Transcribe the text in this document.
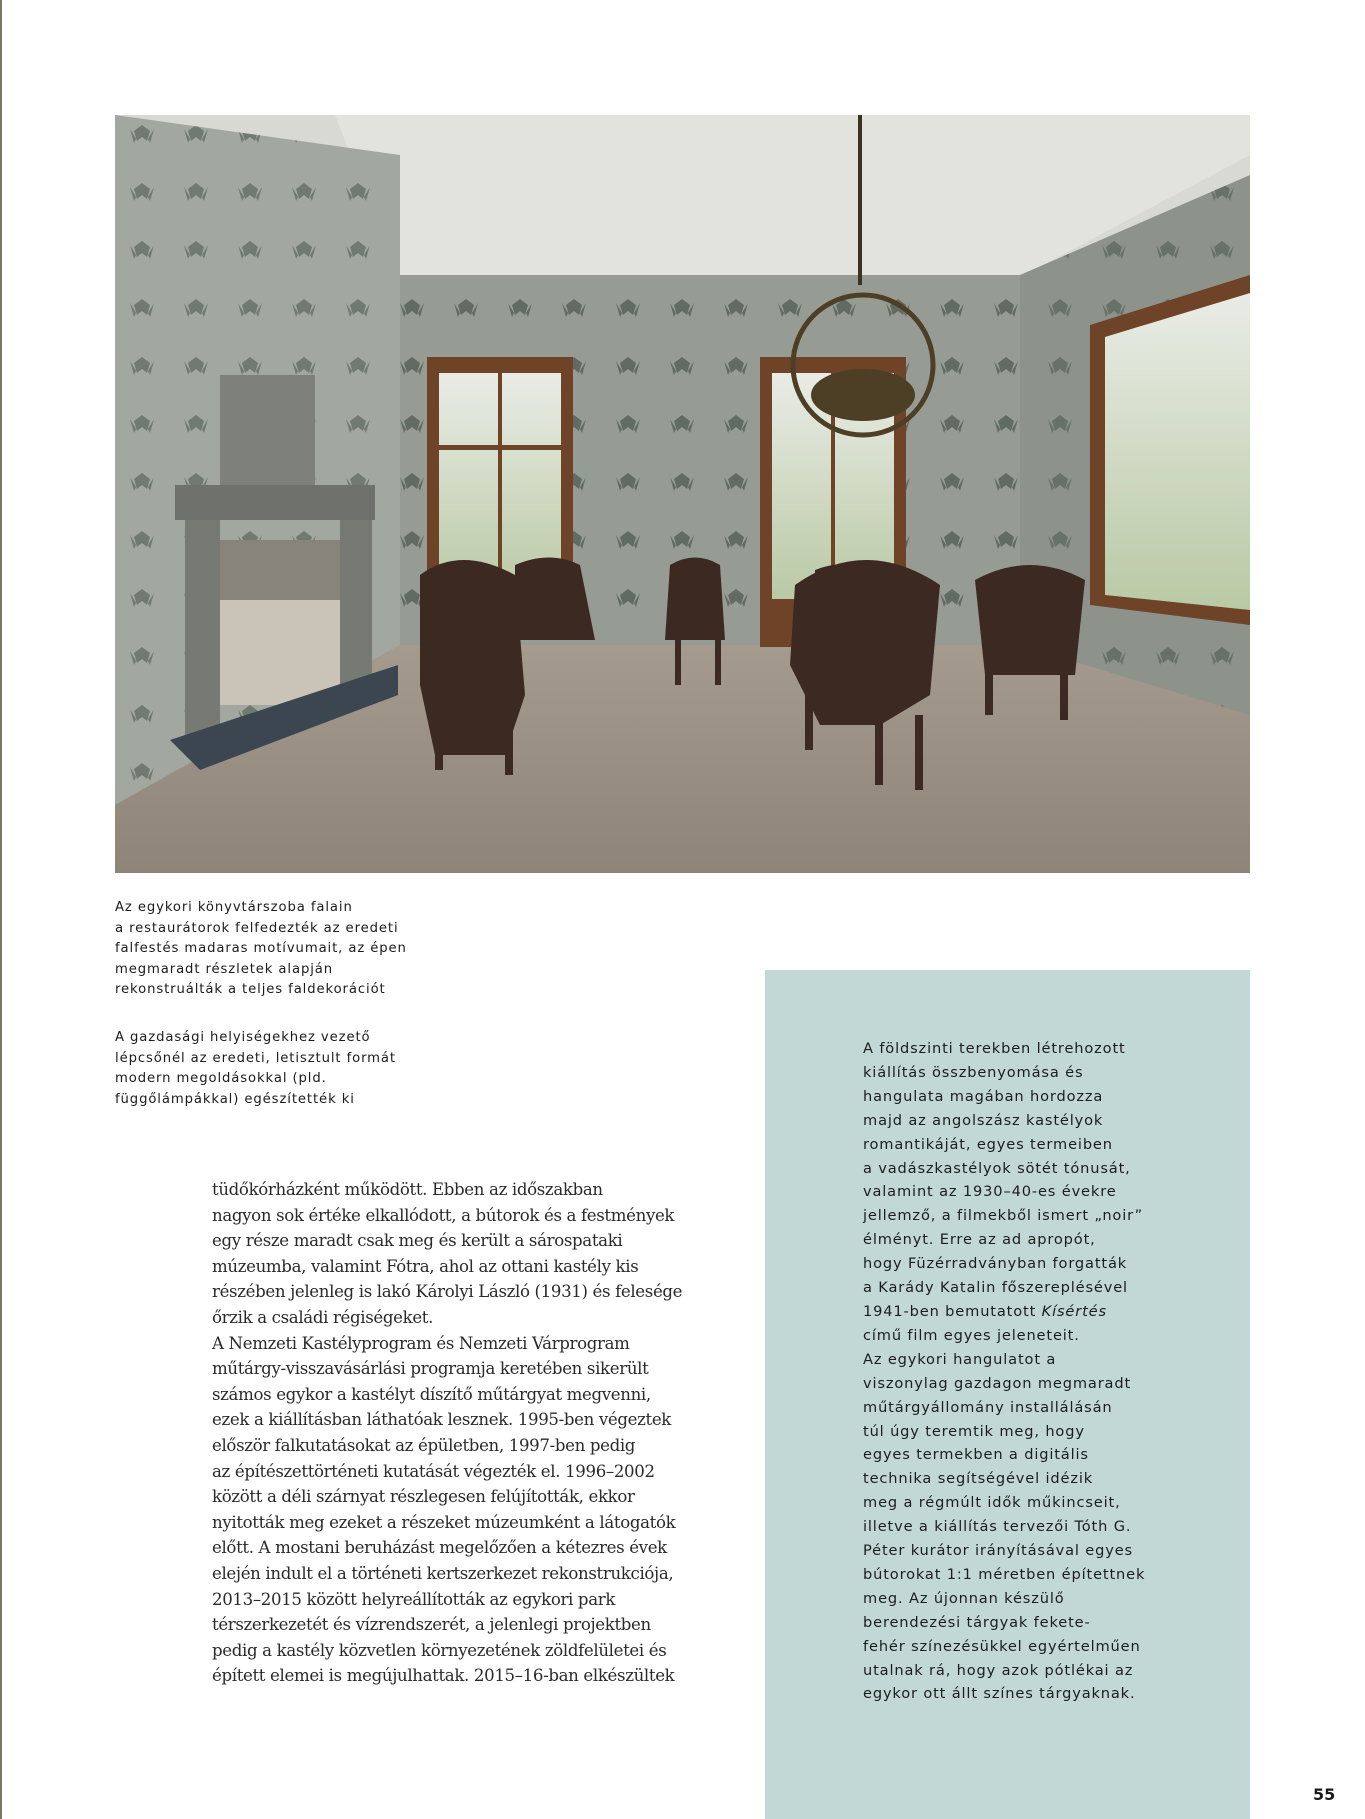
Az egykori könyvtárszoba falain
a restaurátorok felfedezték az eredeti
falfestés madaras motívumait, az épen
megmaradt részletek alapján
rekonstruálták a teljes faldekorációt

A gazdasági helyiségekhez vezető
lépcsőnél az eredeti, letisztult formát
modern megoldásokkal (pld.
függőlámpákkal) egészítették ki

tüdőkórházként működött. Ebben az időszakban
nagyon sok értéke elkallódott, a bútorok és a festmények
egy része maradt csak meg és került a sárospataki
múzeumba, valamint Fótra, ahol az ottani kastély kis
részében jelenleg is lakó Károlyi László (1931) és felesége
őrzik a családi régiségeket.
A Nemzeti Kastélyprogram és Nemzeti Várprogram
műtárgy-visszavásárlási programja keretében sikerült
számos egykor a kastélyt díszítő műtárgyat megvenni,
ezek a kiállításban láthatóak lesznek. 1995-ben végeztek
először falkutatásokat az épületben, 1997-ben pedig
az építészettörténeti kutatását végezték el. 1996–2002
között a déli szárnyat részlegesen felújították, ekkor
nyitották meg ezeket a részeket múzeumként a látogatók
előtt. A mostani beruházást megelőzően a kétezres évek
elején indult el a történeti kertszerkezet rekonstrukciója,
2013–2015 között helyreállították az egykori park
térszerkezetét és vízrendszerét, a jelenlegi projektben
pedig a kastély közvetlen környezetének zöldfelületei és
épített elemei is megújulhattak. 2015–16-ban elkészültek
A földszinti terekben létrehozott
kiállítás összbenyomása és
hangulata magában hordozza
majd az angolszász kastélyok
romantikáját, egyes termeiben
a vadászkastélyok sötét tónusát,
valamint az 1930–40-es évekre
jellemző, a filmekből ismert „noir”
élményt. Erre az ad apropót,
hogy Füzérradványban forgatták
a Karády Katalin főszereplésével
1941-ben bemutatott Kísértés
című film egyes jeleneteit.
Az egykori hangulatot a
viszonylag gazdagon megmaradt
műtárgyállomány installálásán
túl úgy teremtik meg, hogy
egyes termekben a digitális
technika segítségével idézik
meg a régmúlt idők műkincseit,
illetve a kiállítás tervezői Tóth G.
Péter kurátor irányításával egyes
bútorokat 1:1 méretben építettnek
meg. Az újonnan készülő
berendezési tárgyak fekete-
fehér színezésükkel egyértelműen
utalnak rá, hogy azok pótlékai az
egykor ott állt színes tárgyaknak.
55
